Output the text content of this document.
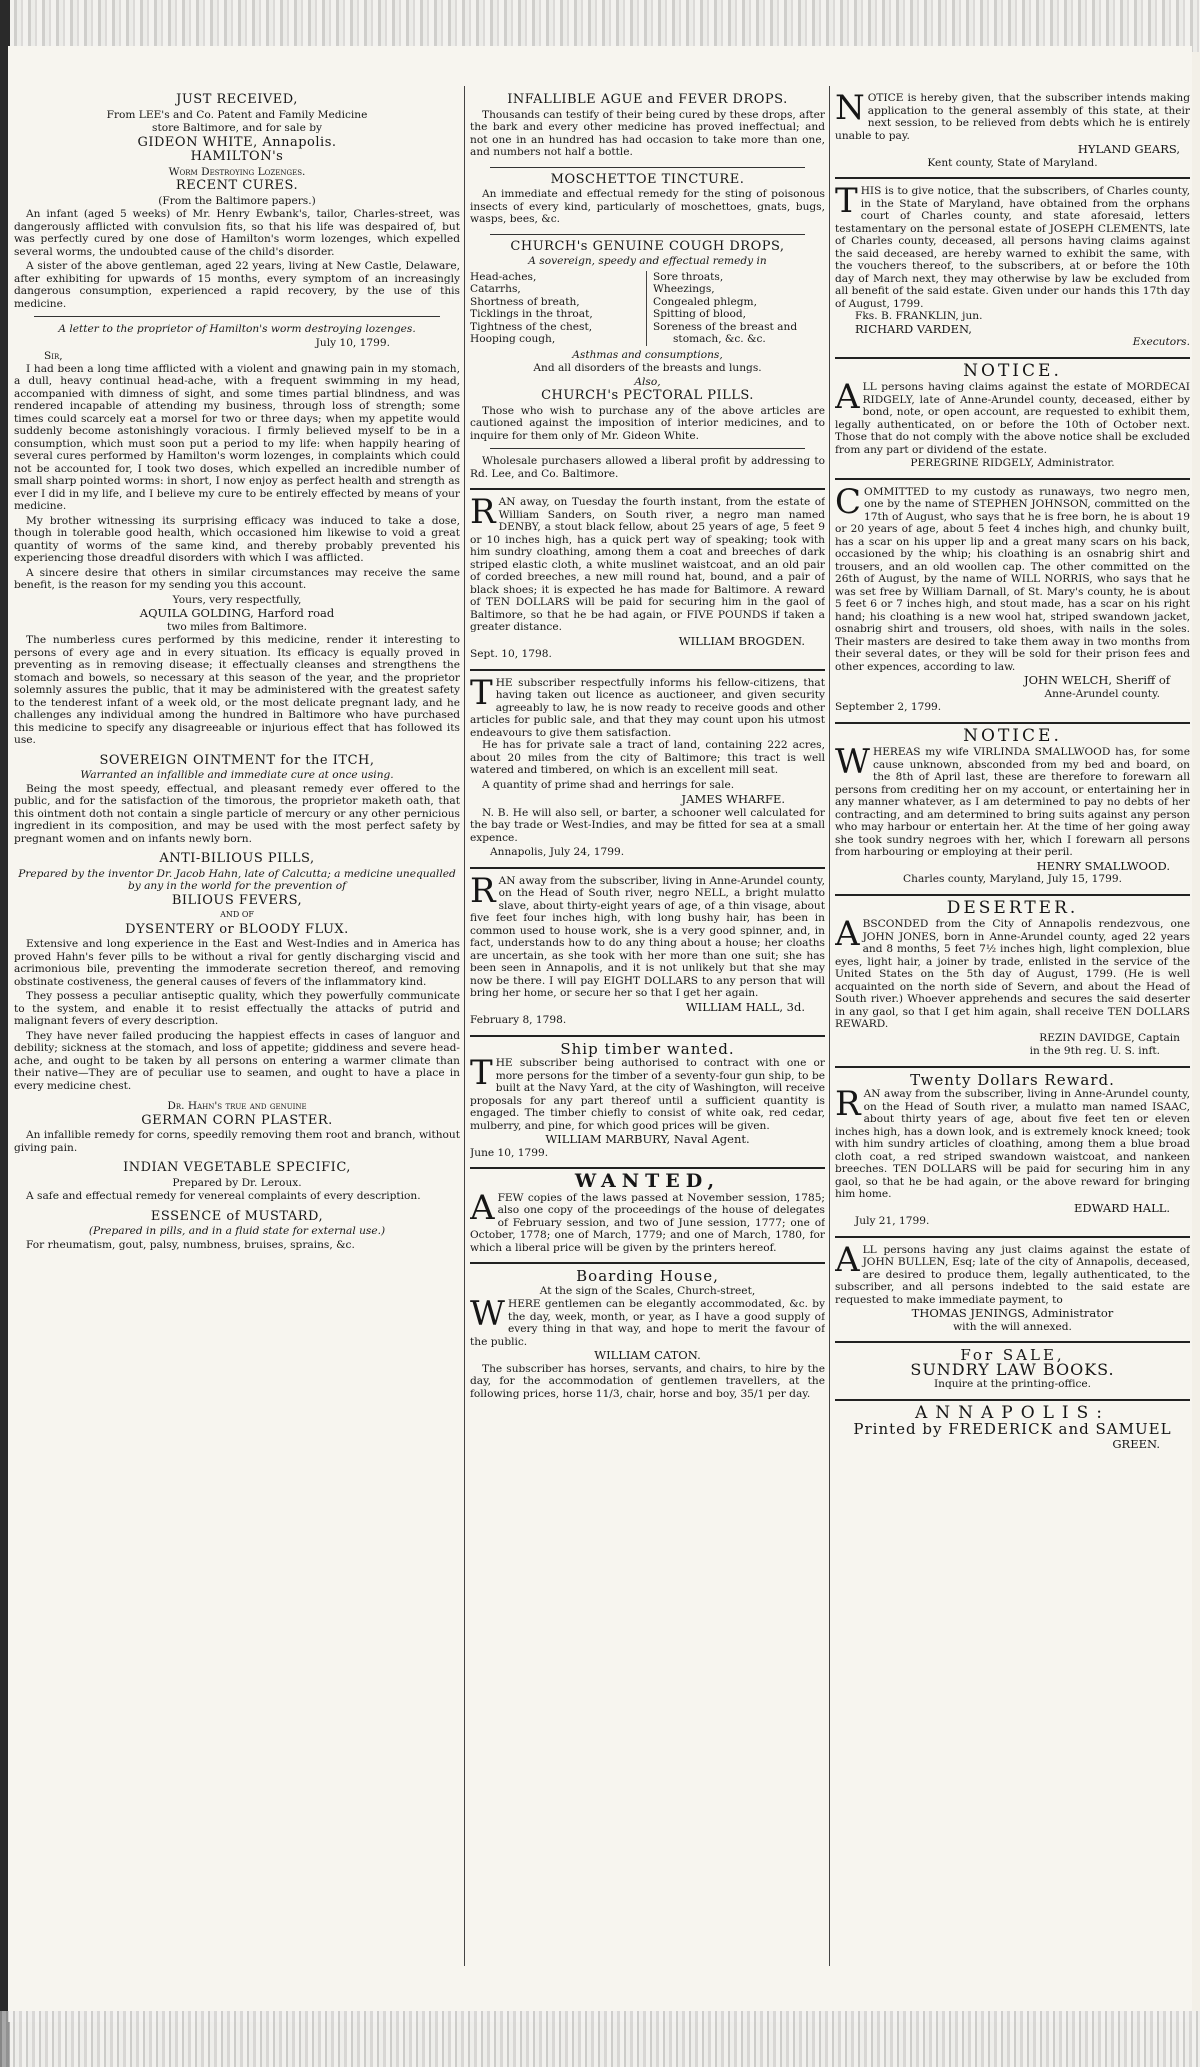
JUST RECEIVED,
From LEE's and Co. Patent and Family Medicine
store Baltimore, and for sale by
GIDEON WHITE, Annapolis.
HAMILTON's
Worm Destroying Lozenges.
RECENT CURES.
(From the Baltimore papers.)

An infant (aged 5 weeks) of Mr. Henry Ewbank's, tailor, Charles-street, was dangerously afflicted with convulsion fits, so that his life was despaired of, but was perfectly cured by one dose of Hamilton's worm lozenges, which expelled several worms, the undoubted cause of the child's disorder.

A sister of the above gentleman, aged 22 years, living at New Castle, Delaware, after exhibiting for upwards of 15 months, every symptom of an increasingly dangerous consumption, experienced a rapid recovery, by the use of this medicine.

A letter to the proprietor of Hamilton's worm destroying lozenges.
July 10, 1799.
Sir,

I had been a long time afflicted with a violent and gnawing pain in my stomach, a dull, heavy continual head-ache, with a frequent swimming in my head, accompanied with dimness of sight, and some times partial blindness, and was rendered incapable of attending my business, through loss of strength; some times could scarcely eat a morsel for two or three days; when my appetite would suddenly become astonishingly voracious. I firmly believed myself to be in a consumption, which must soon put a period to my life: when happily hearing of several cures performed by Hamilton's worm lozenges, in complaints which could not be accounted for, I took two doses, which expelled an incredible number of small sharp pointed worms: in short, I now enjoy as perfect health and strength as ever I did in my life, and I believe my cure to be entirely effected by means of your medicine.

My brother witnessing its surprising efficacy was induced to take a dose, though in tolerable good health, which occasioned him likewise to void a great quantity of worms of the same kind, and thereby probably prevented his experiencing those dreadful disorders with which I was afflicted.

A sincere desire that others in similar circumstances may receive the same benefit, is the reason for my sending you this account.

Yours, very respectfully,
AQUILA GOLDING, Harford road
two miles from Baltimore.

The numberless cures performed by this medicine, render it interesting to persons of every age and in every situation. Its efficacy is equally proved in preventing as in removing disease; it effectually cleanses and strengthens the stomach and bowels, so necessary at this season of the year, and the proprietor solemnly assures the public, that it may be administered with the greatest safety to the tenderest infant of a week old, or the most delicate pregnant lady, and he challenges any individual among the hundred in Baltimore who have purchased this medicine to specify any disagreeable or injurious effect that has followed its use.

SOVEREIGN OINTMENT for the ITCH,
Warranted an infallible and immediate cure at once using.

Being the most speedy, effectual, and pleasant remedy ever offered to the public, and for the satisfaction of the timorous, the proprietor maketh oath, that this ointment doth not contain a single particle of mercury or any other pernicious ingredient in its composition, and may be used with the most perfect safety by pregnant women and on infants newly born.

ANTI-BILIOUS PILLS,
Prepared by the inventor Dr. Jacob Hahn, late of Calcutta; a medicine unequalled by any in the world for the prevention of
BILIOUS FEVERS,
AND OF
DYSENTERY or BLOODY FLUX.

Extensive and long experience in the East and West-Indies and in America has proved Hahn's fever pills to be without a rival for gently discharging viscid and acrimonious bile, preventing the immoderate secretion thereof, and removing obstinate costiveness, the general causes of fevers of the inflammatory kind.

They possess a peculiar antiseptic quality, which they powerfully communicate to the system, and enable it to resist effectually the attacks of putrid and malignant fevers of every description.

They have never failed producing the happiest effects in cases of languor and debility; sickness at the stomach, and loss of appetite; giddiness and severe head-ache, and ought to be taken by all persons on entering a warmer climate than their native—They are of peculiar use to seamen, and ought to have a place in every medicine chest.

Dr. Hahn's true and genuine
GERMAN CORN PLASTER.

An infallible remedy for corns, speedily removing them root and branch, without giving pain.

INDIAN VEGETABLE SPECIFIC,
Prepared by Dr. Leroux.

A safe and effectual remedy for venereal complaints of every description.

ESSENCE of MUSTARD,
(Prepared in pills, and in a fluid state for external use.)

For rheumatism, gout, palsy, numbness, bruises, sprains, &c.

INFALLIBLE AGUE and FEVER DROPS.

Thousands can testify of their being cured by these drops, after the bark and every other medicine has proved ineffectual; and not one in an hundred has had occasion to take more than one, and numbers not half a bottle.

MOSCHETTOE TINCTURE.

An immediate and effectual remedy for the sting of poisonous insects of every kind, particularly of moschettoes, gnats, bugs, wasps, bees, &c.

CHURCH's GENUINE COUGH DROPS,
A sovereign, speedy and effectual remedy in
Head-aches,
Catarrhs,
Shortness of breath,
Ticklings in the throat,
Tightness of the chest,
Hooping cough,
Sore throats,
Wheezings,
Congealed phlegm,
Spitting of blood,
Soreness of the breast and
stomach, &c. &c.
Asthmas and consumptions,
And all disorders of the breasts and lungs.
Also,
CHURCH's PECTORAL PILLS.

Those who wish to purchase any of the above articles are cautioned against the imposition of interior medicines, and to inquire for them only of Mr. Gideon White.

Wholesale purchasers allowed a liberal profit by addressing to Rd. Lee, and Co. Baltimore.

RAN away, on Tuesday the fourth instant, from the estate of William Sanders, on South river, a negro man named DENBY, a stout black fellow, about 25 years of age, 5 feet 9 or 10 inches high, has a quick pert way of speaking; took with him sundry cloathing, among them a coat and breeches of dark striped elastic cloth, a white muslinet waistcoat, and an old pair of corded breeches, a new mill round hat, bound, and a pair of black shoes; it is expected he has made for Baltimore. A reward of TEN DOLLARS will be paid for securing him in the gaol of Baltimore, so that he be had again, or FIVE POUNDS if taken a greater distance.

WILLIAM BROGDEN.
Sept. 10, 1798.

THE subscriber respectfully informs his fellow-citizens, that having taken out licence as auctioneer, and given security agreeably to law, he is now ready to receive goods and other articles for public sale, and that they may count upon his utmost endeavours to give them satisfaction.

He has for private sale a tract of land, containing 222 acres, about 20 miles from the city of Baltimore; this tract is well watered and timbered, on which is an excellent mill seat.

A quantity of prime shad and herrings for sale.

JAMES WHARFE.

N. B. He will also sell, or barter, a schooner well calculated for the bay trade or West-Indies, and may be fitted for sea at a small expence.

Annapolis, July 24, 1799.

RAN away from the subscriber, living in Anne-Arundel county, on the Head of South river, negro NELL, a bright mulatto slave, about thirty-eight years of age, of a thin visage, about five feet four inches high, with long bushy hair, has been in common used to house work, she is a very good spinner, and, in fact, understands how to do any thing about a house; her cloaths are uncertain, as she took with her more than one suit; she has been seen in Annapolis, and it is not unlikely but that she may now be there. I will pay EIGHT DOLLARS to any person that will bring her home, or secure her so that I get her again.

WILLIAM HALL, 3d.
February 8, 1798.
Ship timber wanted.

THE subscriber being authorised to contract with one or more persons for the timber of a seventy-four gun ship, to be built at the Navy Yard, at the city of Washington, will receive proposals for any part thereof until a sufficient quantity is engaged. The timber chiefly to consist of white oak, red cedar, mulberry, and pine, for which good prices will be given.

WILLIAM MARBURY, Naval Agent.
June 10, 1799.
WANTED,

AFEW copies of the laws passed at November session, 1785; also one copy of the proceedings of the house of delegates of February session, and two of June session, 1777; one of October, 1778; one of March, 1779; and one of March, 1780, for which a liberal price will be given by the printers hereof.

Boarding House,
At the sign of the Scales, Church-street,

WHERE gentlemen can be elegantly accommodated, &c. by the day, week, month, or year, as I have a good supply of every thing in that way, and hope to merit the favour of the public.

WILLIAM CATON.

The subscriber has horses, servants, and chairs, to hire by the day, for the accommodation of gentlemen travellers, at the following prices, horse 11/3, chair, horse and boy, 35/1 per day.

NOTICE is hereby given, that the subscriber intends making application to the general assembly of this state, at their next session, to be relieved from debts which he is entirely unable to pay.

HYLAND GEARS,
Kent county, State of Maryland.

THIS is to give notice, that the subscribers, of Charles county, in the State of Maryland, have obtained from the orphans court of Charles county, and state aforesaid, letters testamentary on the personal estate of JOSEPH CLEMENTS, late of Charles county, deceased, all persons having claims against the said deceased, are hereby warned to exhibit the same, with the vouchers thereof, to the subscribers, at or before the 10th day of March next, they may otherwise by law be excluded from all benefit of the said estate. Given under our hands this 17th day of August, 1799.

Fks. B. FRANKLIN, jun.
RICHARD VARDEN,
Executors.
NOTICE.

ALL persons having claims against the estate of MORDECAI RIDGELY, late of Anne-Arundel county, deceased, either by bond, note, or open account, are requested to exhibit them, legally authenticated, on or before the 10th of October next. Those that do not comply with the above notice shall be excluded from any part or dividend of the estate.

PEREGRINE RIDGELY, Administrator.

COMMITTED to my custody as runaways, two negro men, one by the name of STEPHEN JOHNSON, committed on the 17th of August, who says that he is free born, he is about 19 or 20 years of age, about 5 feet 4 inches high, and chunky built, has a scar on his upper lip and a great many scars on his back, occasioned by the whip; his cloathing is an osnabrig shirt and trousers, and an old woollen cap. The other committed on the 26th of August, by the name of WILL NORRIS, who says that he was set free by William Darnall, of St. Mary's county, he is about 5 feet 6 or 7 inches high, and stout made, has a scar on his right hand; his cloathing is a new wool hat, striped swandown jacket, osnabrig shirt and trousers, old shoes, with nails in the soles. Their masters are desired to take them away in two months from their several dates, or they will be sold for their prison fees and other expences, according to law.

JOHN WELCH, Sheriff of
Anne-Arundel county.
September 2, 1799.
NOTICE.

WHEREAS my wife VIRLINDA SMALLWOOD has, for some cause unknown, absconded from my bed and board, on the 8th of April last, these are therefore to forewarn all persons from crediting her on my account, or entertaining her in any manner whatever, as I am determined to pay no debts of her contracting, and am determined to bring suits against any person who may harbour or entertain her. At the time of her going away she took sundry negroes with her, which I forewarn all persons from harbouring or employing at their peril.

HENRY SMALLWOOD.
Charles county, Maryland, July 15, 1799.
DESERTER.

ABSCONDED from the City of Annapolis rendezvous, one JOHN JONES, born in Anne-Arundel county, aged 22 years and 8 months, 5 feet 7½ inches high, light complexion, blue eyes, light hair, a joiner by trade, enlisted in the service of the United States on the 5th day of August, 1799. (He is well acquainted on the north side of Severn, and about the Head of South river.) Whoever apprehends and secures the said deserter in any gaol, so that I get him again, shall receive TEN DOLLARS REWARD.

REZIN DAVIDGE, Captain
in the 9th reg. U. S. inft.
Twenty Dollars Reward.

RAN away from the subscriber, living in Anne-Arundel county, on the Head of South river, a mulatto man named ISAAC, about thirty years of age, about five feet ten or eleven inches high, has a down look, and is extremely knock kneed; took with him sundry articles of cloathing, among them a blue broad cloth coat, a red striped swandown waistcoat, and nankeen breeches. TEN DOLLARS will be paid for securing him in any gaol, so that he be had again, or the above reward for bringing him home.

EDWARD HALL.
July 21, 1799.

ALL persons having any just claims against the estate of JOHN BULLEN, Esq; late of the city of Annapolis, deceased, are desired to produce them, legally authenticated, to the subscriber, and all persons indebted to the said estate are requested to make immediate payment, to

THOMAS JENINGS, Administrator
with the will annexed.
For SALE,
SUNDRY LAW BOOKS.
Inquire at the printing-office.
ANNAPOLIS:
Printed by FREDERICK and SAMUEL
GREEN.
